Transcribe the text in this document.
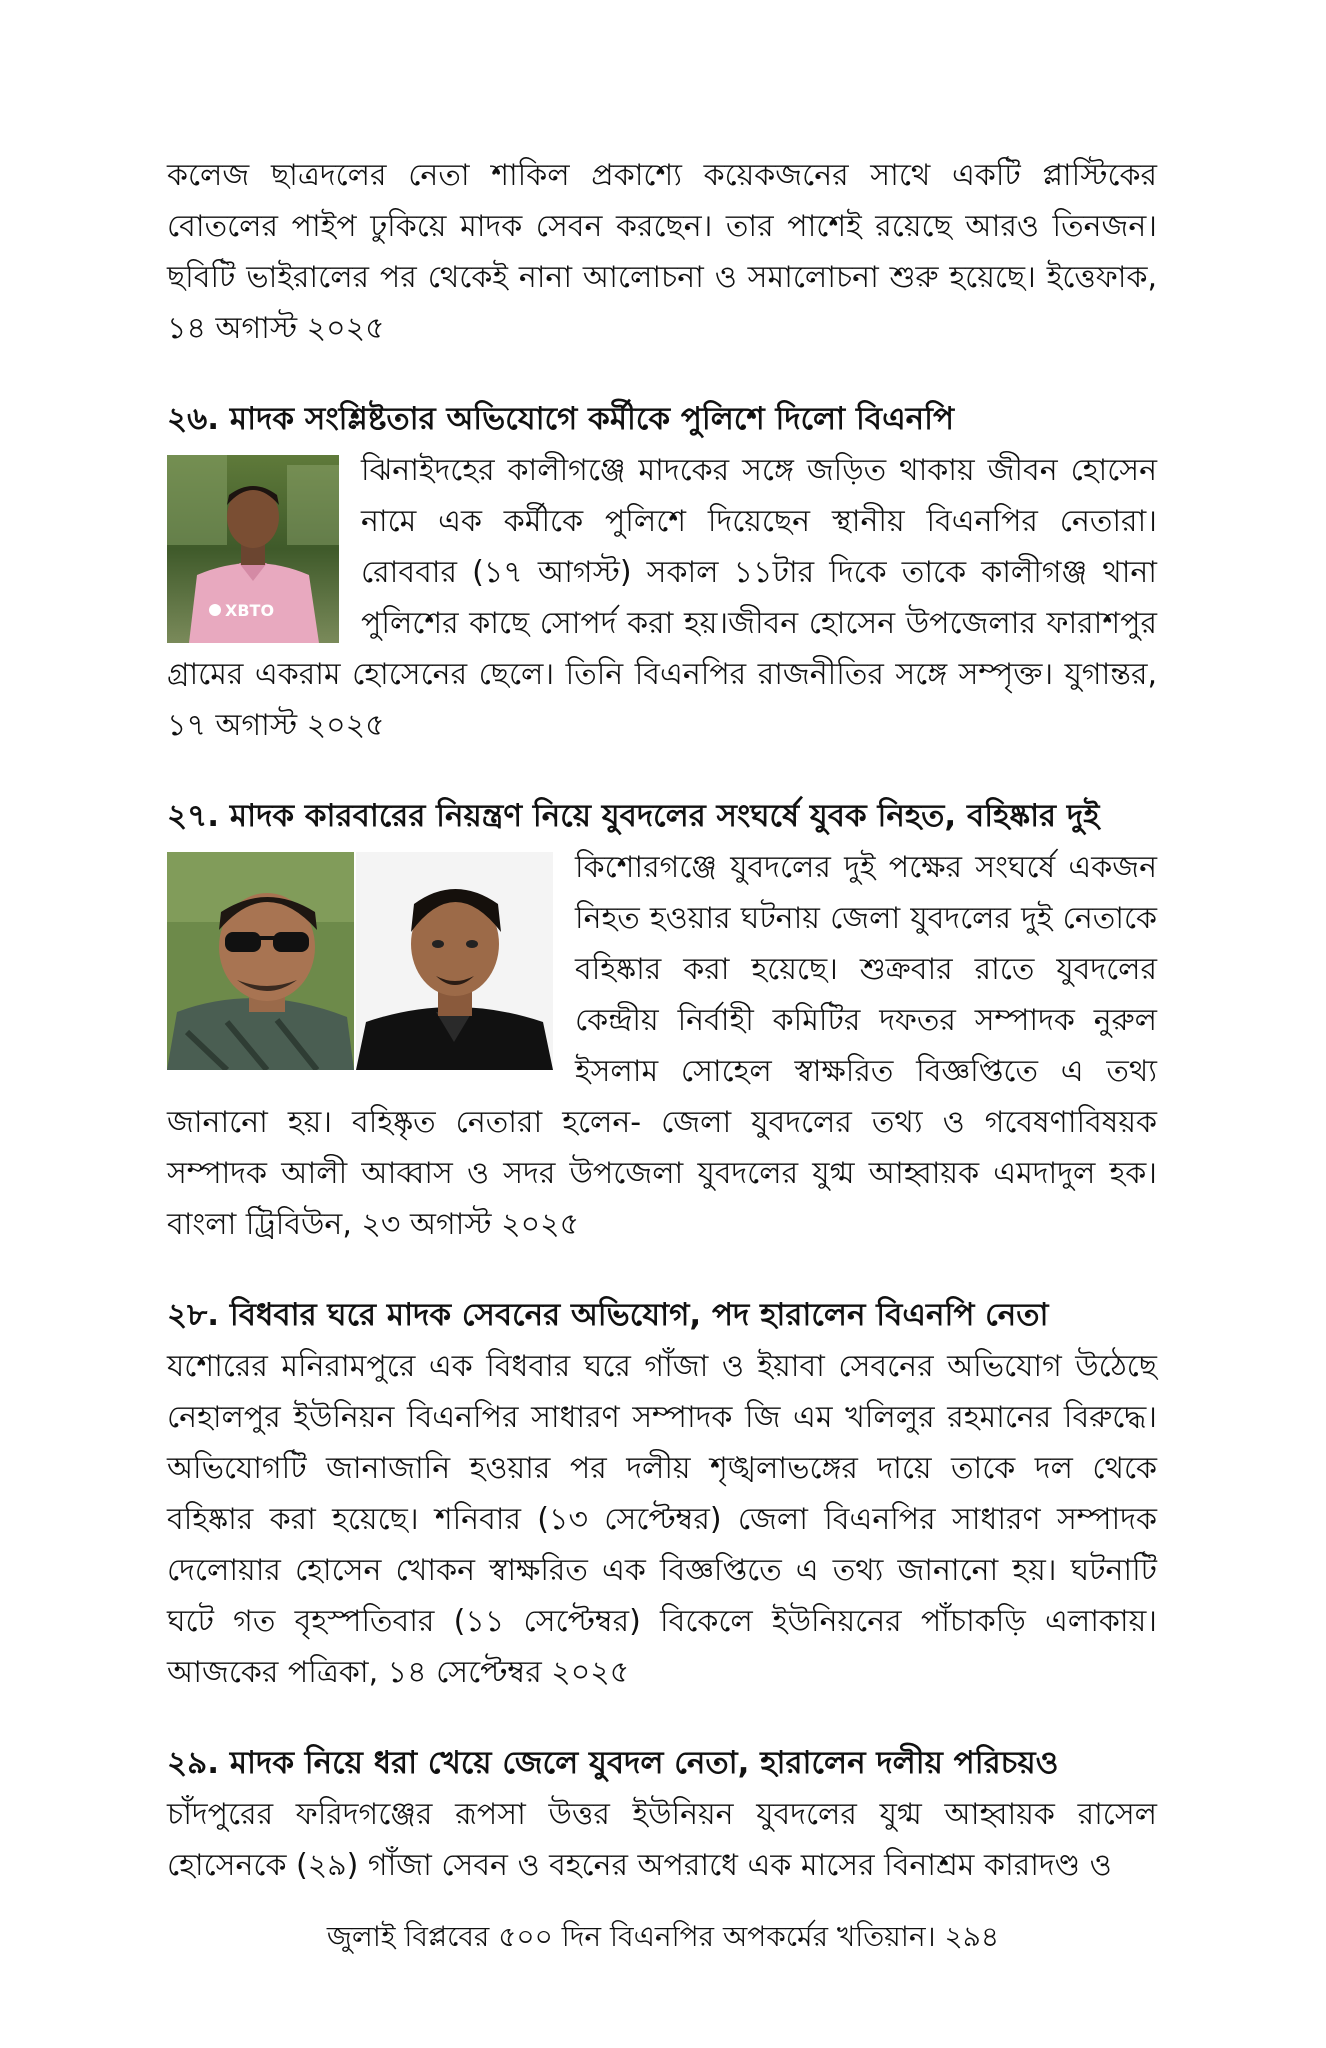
কলেজ ছাত্রদলের নেতা শাকিল প্রকাশ্যে কয়েকজনের সাথে একটি প্লাস্টিকের বোতলের পাইপ ঢুকিয়ে মাদক সেবন করছেন। তার পাশেই রয়েছে আরও তিনজন। ছবিটি ভাইরালের পর থেকেই নানা আলোচনা ও সমালোচনা শুরু হয়েছে। ইত্তেফাক, ১৪ অগাস্ট ২০২৫

২৬. মাদক সংশ্লিষ্টতার অভিযোগে কর্মীকে পুলিশে দিলো বিএনপি
XBTO

ঝিনাইদহের কালীগঞ্জে মাদকের সঙ্গে জড়িত থাকায় জীবন হোসেন নামে এক কর্মীকে পুলিশে দিয়েছেন স্থানীয় বিএনপির নেতারা। রোববার (১৭ আগস্ট) সকাল ১১টার দিকে তাকে কালীগঞ্জ থানা পুলিশের কাছে সোপর্দ করা হয়।জীবন হোসেন উপজেলার ফারাশপুর গ্রামের একরাম হোসেনের ছেলে। তিনি বিএনপির রাজনীতির সঙ্গে সম্পৃক্ত। যুগান্তর, ১৭ অগাস্ট ২০২৫

২৭. মাদক কারবারের নিয়ন্ত্রণ নিয়ে যুবদলের সংঘর্ষে যুবক নিহত, বহিষ্কার দুই

কিশোরগঞ্জে যুবদলের দুই পক্ষের সংঘর্ষে একজন নিহত হওয়ার ঘটনায় জেলা যুবদলের দুই নেতাকে বহিষ্কার করা হয়েছে। শুক্রবার রাতে যুবদলের কেন্দ্রীয় নির্বাহী কমিটির দফতর সম্পাদক নুরুল ইসলাম সোহেল স্বাক্ষরিত বিজ্ঞপ্তিতে এ তথ্য জানানো হয়। বহিষ্কৃত নেতারা হলেন- জেলা যুবদলের তথ্য ও গবেষণাবিষয়ক সম্পাদক আলী আব্বাস ও সদর উপজেলা যুবদলের যুগ্ম আহ্বায়ক এমদাদুল হক। বাংলা ট্রিবিউন, ২৩ অগাস্ট ২০২৫

২৮. বিধবার ঘরে মাদক সেবনের অভিযোগ, পদ হারালেন বিএনপি নেতা

যশোরের মনিরামপুরে এক বিধবার ঘরে গাঁজা ও ইয়াবা সেবনের অভিযোগ উঠেছে নেহালপুর ইউনিয়ন বিএনপির সাধারণ সম্পাদক জি এম খলিলুর রহমানের বিরুদ্ধে। অভিযোগটি জানাজানি হওয়ার পর দলীয় শৃঙ্খলাভঙ্গের দায়ে তাকে দল থেকে বহিষ্কার করা হয়েছে। শনিবার (১৩ সেপ্টেম্বর) জেলা বিএনপির সাধারণ সম্পাদক দেলোয়ার হোসেন খোকন স্বাক্ষরিত এক বিজ্ঞপ্তিতে এ তথ্য জানানো হয়। ঘটনাটি ঘটে গত বৃহস্পতিবার (১১ সেপ্টেম্বর) বিকেলে ইউনিয়নের পাঁচাকড়ি এলাকায়। আজকের পত্রিকা, ১৪ সেপ্টেম্বর ২০২৫

২৯. মাদক নিয়ে ধরা খেয়ে জেলে যুবদল নেতা, হারালেন দলীয় পরিচয়ও

চাঁদপুরের ফরিদগঞ্জের রূপসা উত্তর ইউনিয়ন যুবদলের যুগ্ম আহ্বায়ক রাসেল হোসেনকে (২৯) গাঁজা সেবন ও বহনের অপরাধে এক মাসের বিনাশ্রম কারাদণ্ড ও

জুলাই বিপ্লবের ৫০০ দিন বিএনপির অপকর্মের খতিয়ান। ২৯৪
